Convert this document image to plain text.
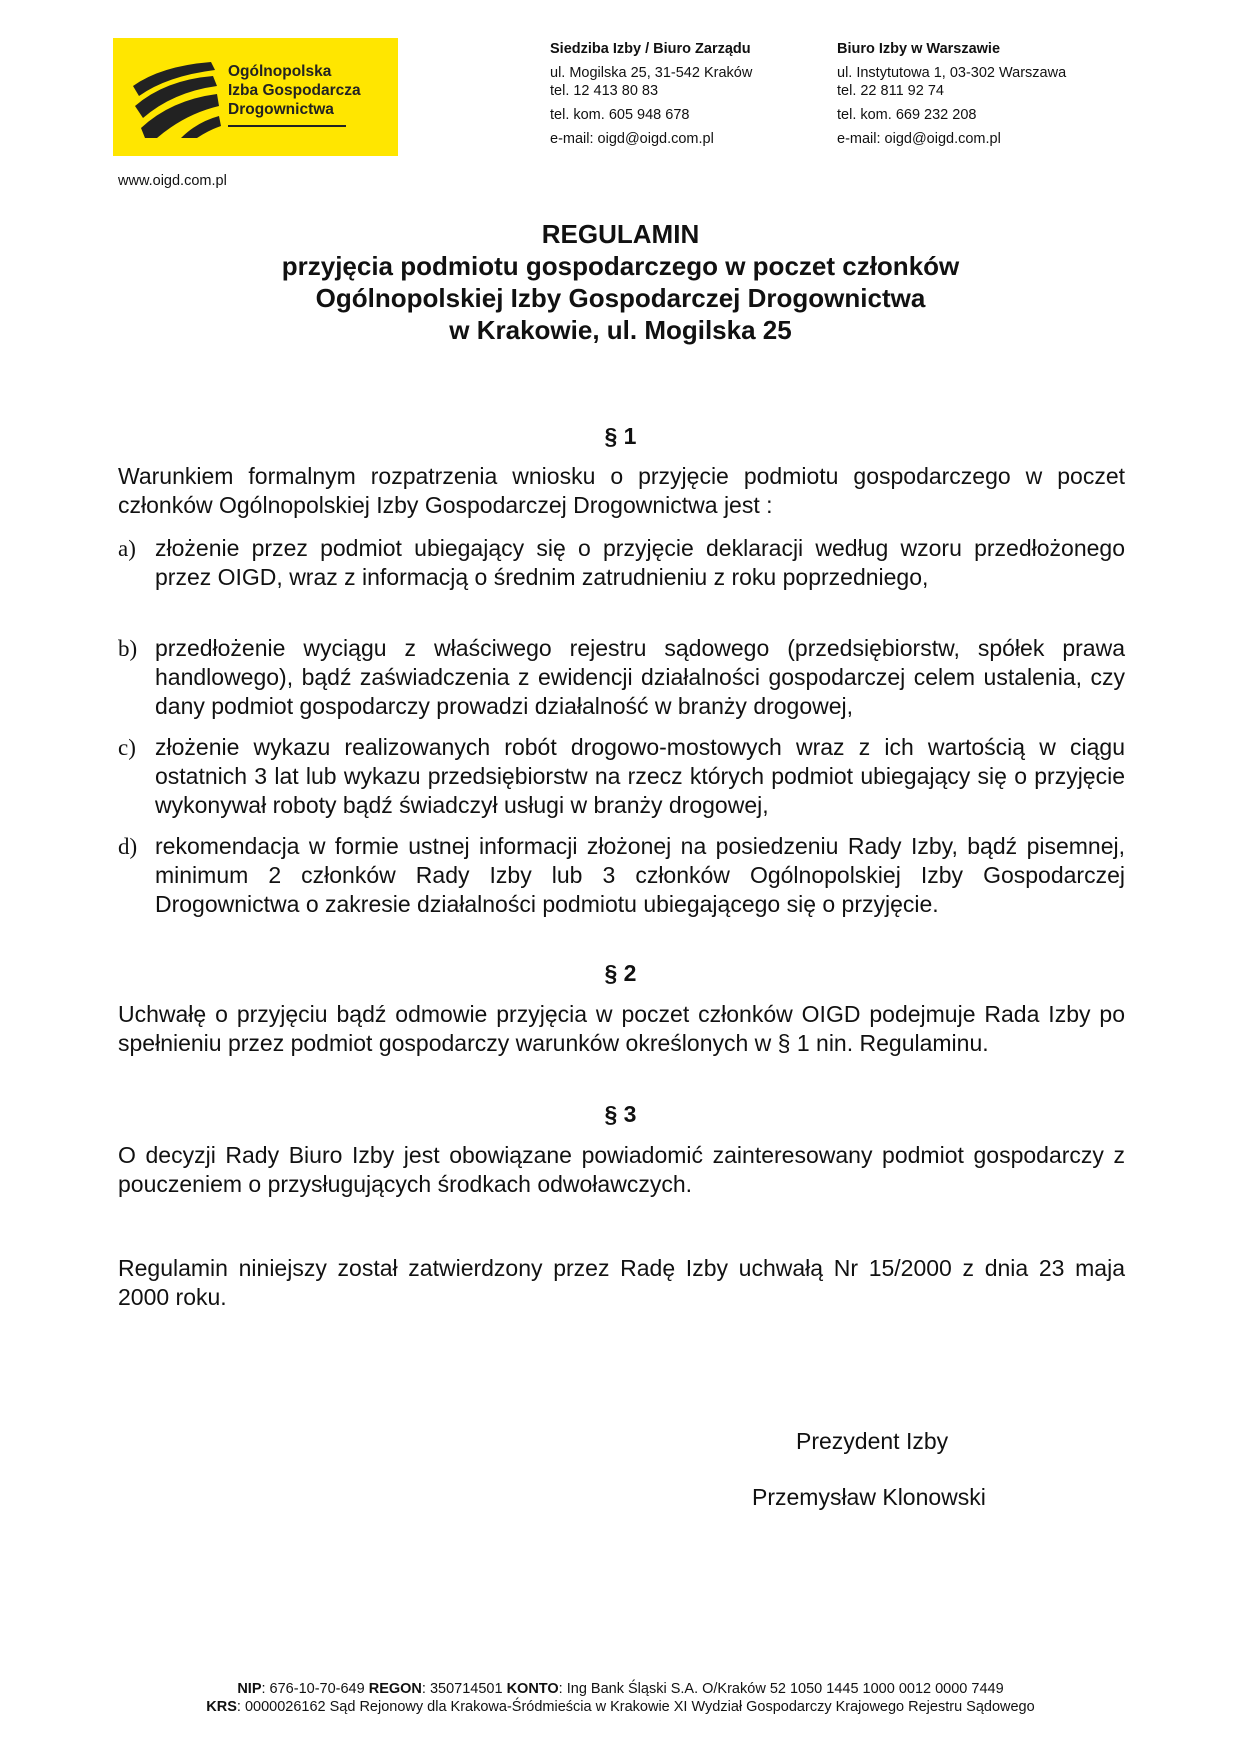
Ogólnopolska
Izba Gospodarcza
Drogownictwa
www.oigd.com.pl
Siedziba Izby / Biuro Zarządu
ul. Mogilska 25, 31-542 Kraków
tel. 12 413 80 83
tel. kom. 605 948 678
e-mail: oigd@oigd.com.pl
Biuro Izby w Warszawie
ul. Instytutowa 1, 03-302 Warszawa
tel. 22 811 92 74
tel. kom. 669 232 208
e-mail: oigd@oigd.com.pl
REGULAMIN
przyjęcia podmiotu gospodarczego w poczet członków
Ogólnopolskiej Izby Gospodarczej Drogownictwa
w Krakowie, ul. Mogilska 25
§ 1
Warunkiem formalnym rozpatrzenia wniosku o przyjęcie podmiotu gospodarczego w poczet członków Ogólnopolskiej Izby Gospodarczej Drogownictwa jest :
a) złożenie przez podmiot ubiegający się o przyjęcie deklaracji według wzoru przedłożonego przez OIGD, wraz z informacją o średnim zatrudnieniu z roku poprzedniego,
b) przedłożenie wyciągu z właściwego rejestru sądowego (przedsiębiorstw, spółek prawa handlowego), bądź zaświadczenia z ewidencji działalności gospodarczej celem ustalenia, czy dany podmiot gospodarczy prowadzi działalność w branży drogowej,
c) złożenie wykazu realizowanych robót drogowo-mostowych wraz z ich wartością w ciągu ostatnich 3 lat lub wykazu przedsiębiorstw na rzecz których podmiot ubiegający się o przyjęcie wykonywał roboty bądź świadczył usługi w branży drogowej,
d) rekomendacja w formie ustnej informacji złożonej na posiedzeniu Rady Izby, bądź pisemnej, minimum 2 członków Rady Izby lub 3 członków Ogólnopolskiej Izby Gospodarczej Drogownictwa o zakresie działalności podmiotu ubiegającego się o przyjęcie.
§ 2
Uchwałę o przyjęciu bądź odmowie przyjęcia w poczet członków OIGD podejmuje Rada Izby po spełnieniu przez podmiot gospodarczy warunków określonych w § 1 nin. Regulaminu.
§ 3
O decyzji Rady Biuro Izby jest obowiązane powiadomić zainteresowany podmiot gospodarczy z pouczeniem o przysługujących środkach odwoławczych.
Regulamin niniejszy został zatwierdzony przez Radę Izby uchwałą Nr 15/2000 z dnia 23 maja 2000 roku.
Prezydent Izby
Przemysław Klonowski
NIP: 676-10-70-649 REGON: 350714501 KONTO: Ing Bank Śląski S.A. O/Kraków 52 1050 1445 1000 0012 0000 7449
KRS: 0000026162 Sąd Rejonowy dla Krakowa-Śródmieścia w Krakowie XI Wydział Gospodarczy Krajowego Rejestru Sądowego
